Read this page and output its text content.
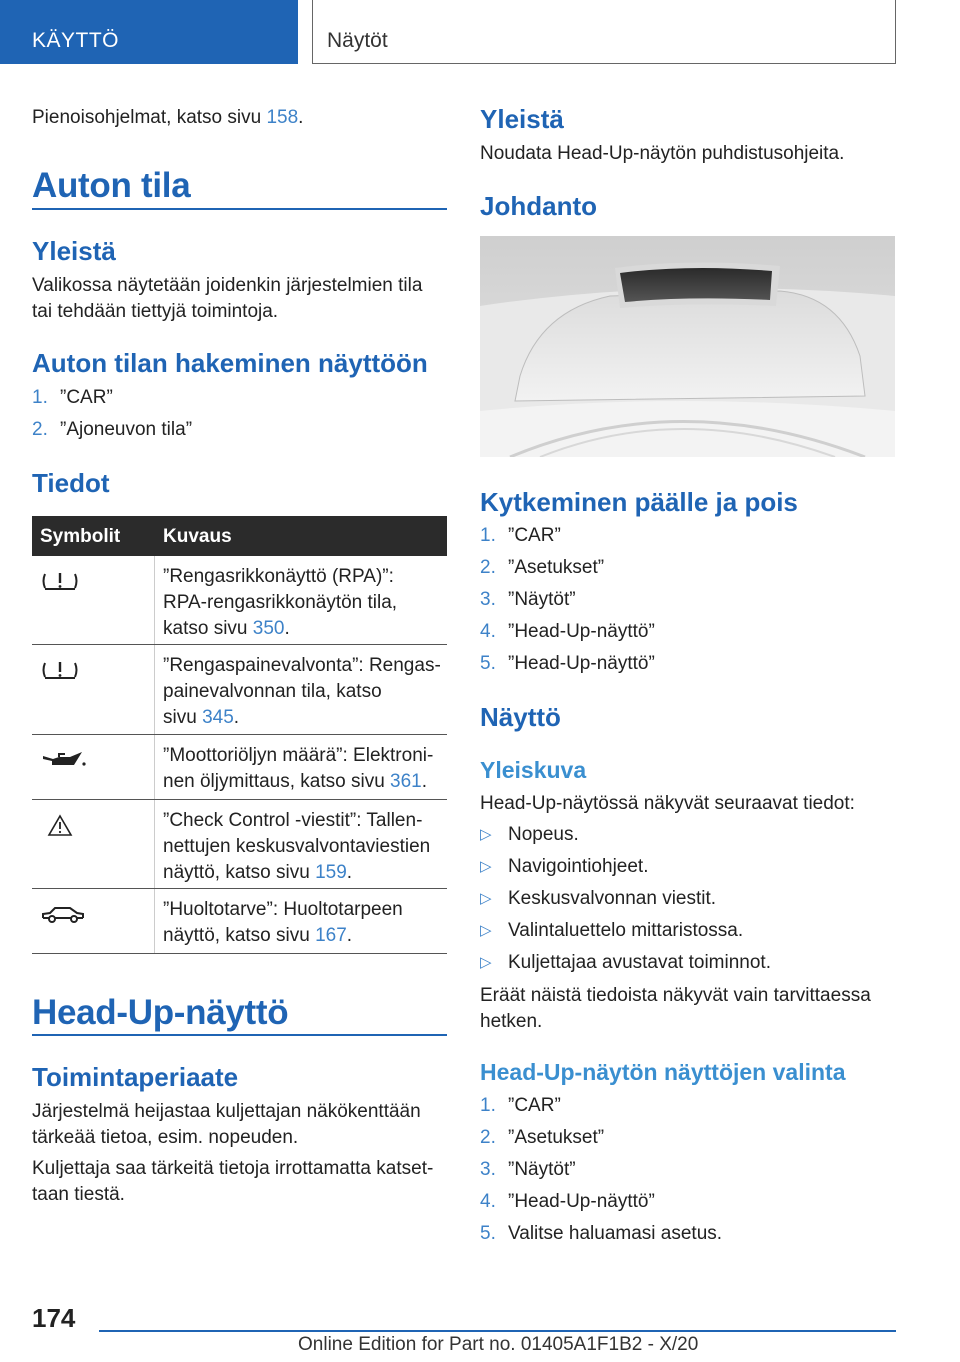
KÄYTTÖ	Näytöt
Pienoisohjelmat, katso sivu 158.
Auton tila
Yleistä
Valikossa näytetään joidenkin järjestelmien tila tai tehdään tiettyjä toimintoja.
Auton tilan hakeminen näyttöön
1. ”CAR”
2. ”Ajoneuvon tila”
Tiedot
Symbolit Kuvaus
”Rengasrikkonäyttö (RPA)”:
RPA-rengasrikkonäytön tila,
katso sivu 350.
”Rengaspainevalvonta”: Rengas-
painevalvonnan tila, katso
sivu 345.
”Moottoriöljyn määrä”: Elektroni-
nen öljymittaus, katso sivu 361.
”Check Control -viestit”: Tallen-
nettujen keskusvalvontaviestien
näyttö, katso sivu 159.
”Huoltotarve”: Huoltotarpeen
näyttö, katso sivu 167.
Head-Up-näyttö
Toimintaperiaate
Järjestelmä heijastaa kuljettajan näkökenttään tärkeää tietoa, esim. nopeuden.
Kuljettaja saa tärkeitä tietoja irrottamatta katsettaan tiestä.
Yleistä
Noudata Head-Up-näytön puhdistusohjeita.
Johdanto
Kytkeminen päälle ja pois
1. ”CAR”
2. ”Asetukset”
3. ”Näytöt”
4. ”Head-Up-näyttö”
5. ”Head-Up-näyttö”
Näyttö
Yleiskuva
Head-Up-näytössä näkyvät seuraavat tiedot:
▷ Nopeus.
▷ Navigointiohjeet.
▷ Keskusvalvonnan viestit.
▷ Valintaluettelo mittaristossa.
▷ Kuljettajaa avustavat toiminnot.
Eräät näistä tiedoista näkyvät vain tarvittaessa hetken.
Head-Up-näytön näyttöjen valinta
1. ”CAR”
2. ”Asetukset”
3. ”Näytöt”
4. ”Head-Up-näyttö”
5. Valitse haluamasi asetus.
174
Online Edition for Part no. 01405A1F1B2 - X/20
